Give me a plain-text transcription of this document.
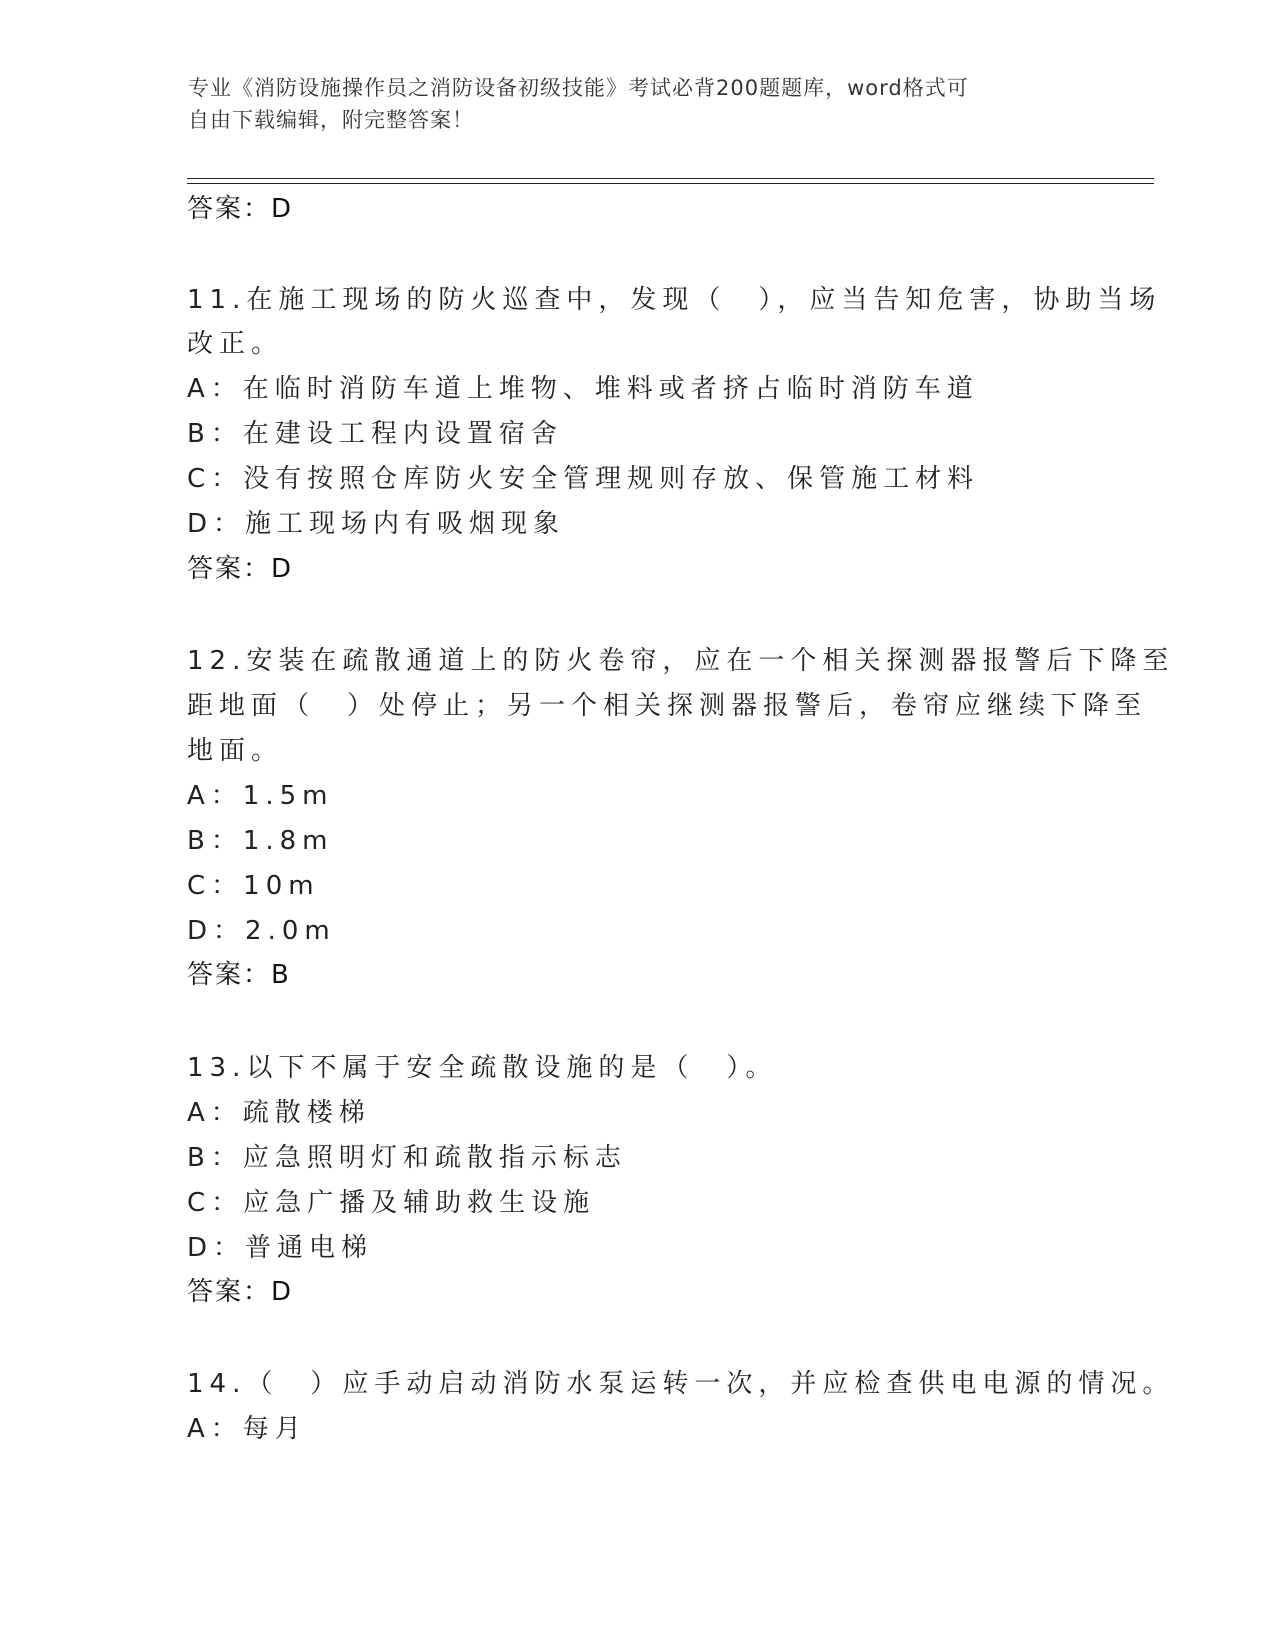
专业《消防设施操作员之消防设备初级技能》考试必背200题题库，word格式可
自由下载编辑，附完整答案！
答案：D
11.在施工现场的防火巡查中，发现（　），应当告知危害，协助当场
改正。
A：在临时消防车道上堆物、堆料或者挤占临时消防车道
B：在建设工程内设置宿舍
C：没有按照仓库防火安全管理规则存放、保管施工材料
D：施工现场内有吸烟现象
答案：D
12.安装在疏散通道上的防火卷帘，应在一个相关探测器报警后下降至
距地面（　）处停止；另一个相关探测器报警后，卷帘应继续下降至
地面。
A：1.5m
B：1.8m
C：10m
D：2.0m
答案：B
13.以下不属于安全疏散设施的是（　）。
A：疏散楼梯
B：应急照明灯和疏散指示标志
C：应急广播及辅助救生设施
D：普通电梯
答案：D
14.（　）应手动启动消防水泵运转一次，并应检查供电电源的情况。
A：每月
